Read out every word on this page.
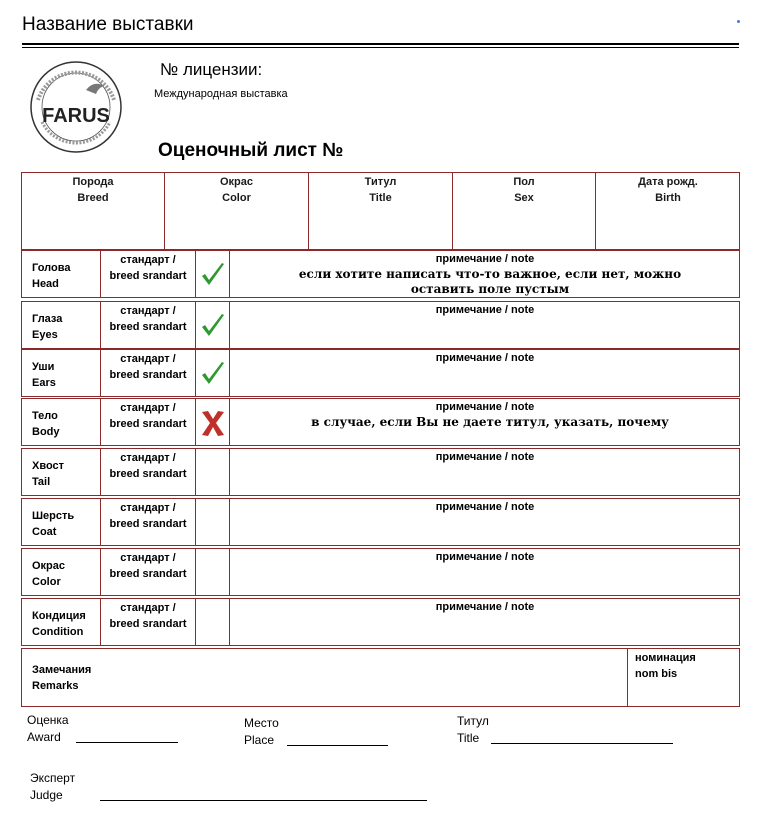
Название выставки
FARUS
№ лицензии:
Международная выставка
Оценочный лист №
Порода
Breed
Окрас
Color
Титул
Title
Пол
Sex
Дата рожд.
Birth
Голова
Head
стандарт /
breed srandart
примечание / note
если хотите написать что-то важное, если нет, можно оставить поле пустым
Глаза
Eyes
стандарт /
breed srandart
примечание / note
Уши
Ears
стандарт /
breed srandart
примечание / note
Тело
Body
стандарт /
breed srandart
примечание / note
в случае, если Вы не даете титул, указать, почему
Хвост
Tail
стандарт /
breed srandart
примечание / note
Шерсть
Coat
стандарт /
breed srandart
примечание / note
Окрас
Color
стандарт /
breed srandart
примечание / note
Кондиция
Condition
стандарт /
breed srandart
примечание / note
Замечания
Remarks
номинация
nom bis
Оценка
Award
Место
Place
Титул
Title
Эксперт
Judge
